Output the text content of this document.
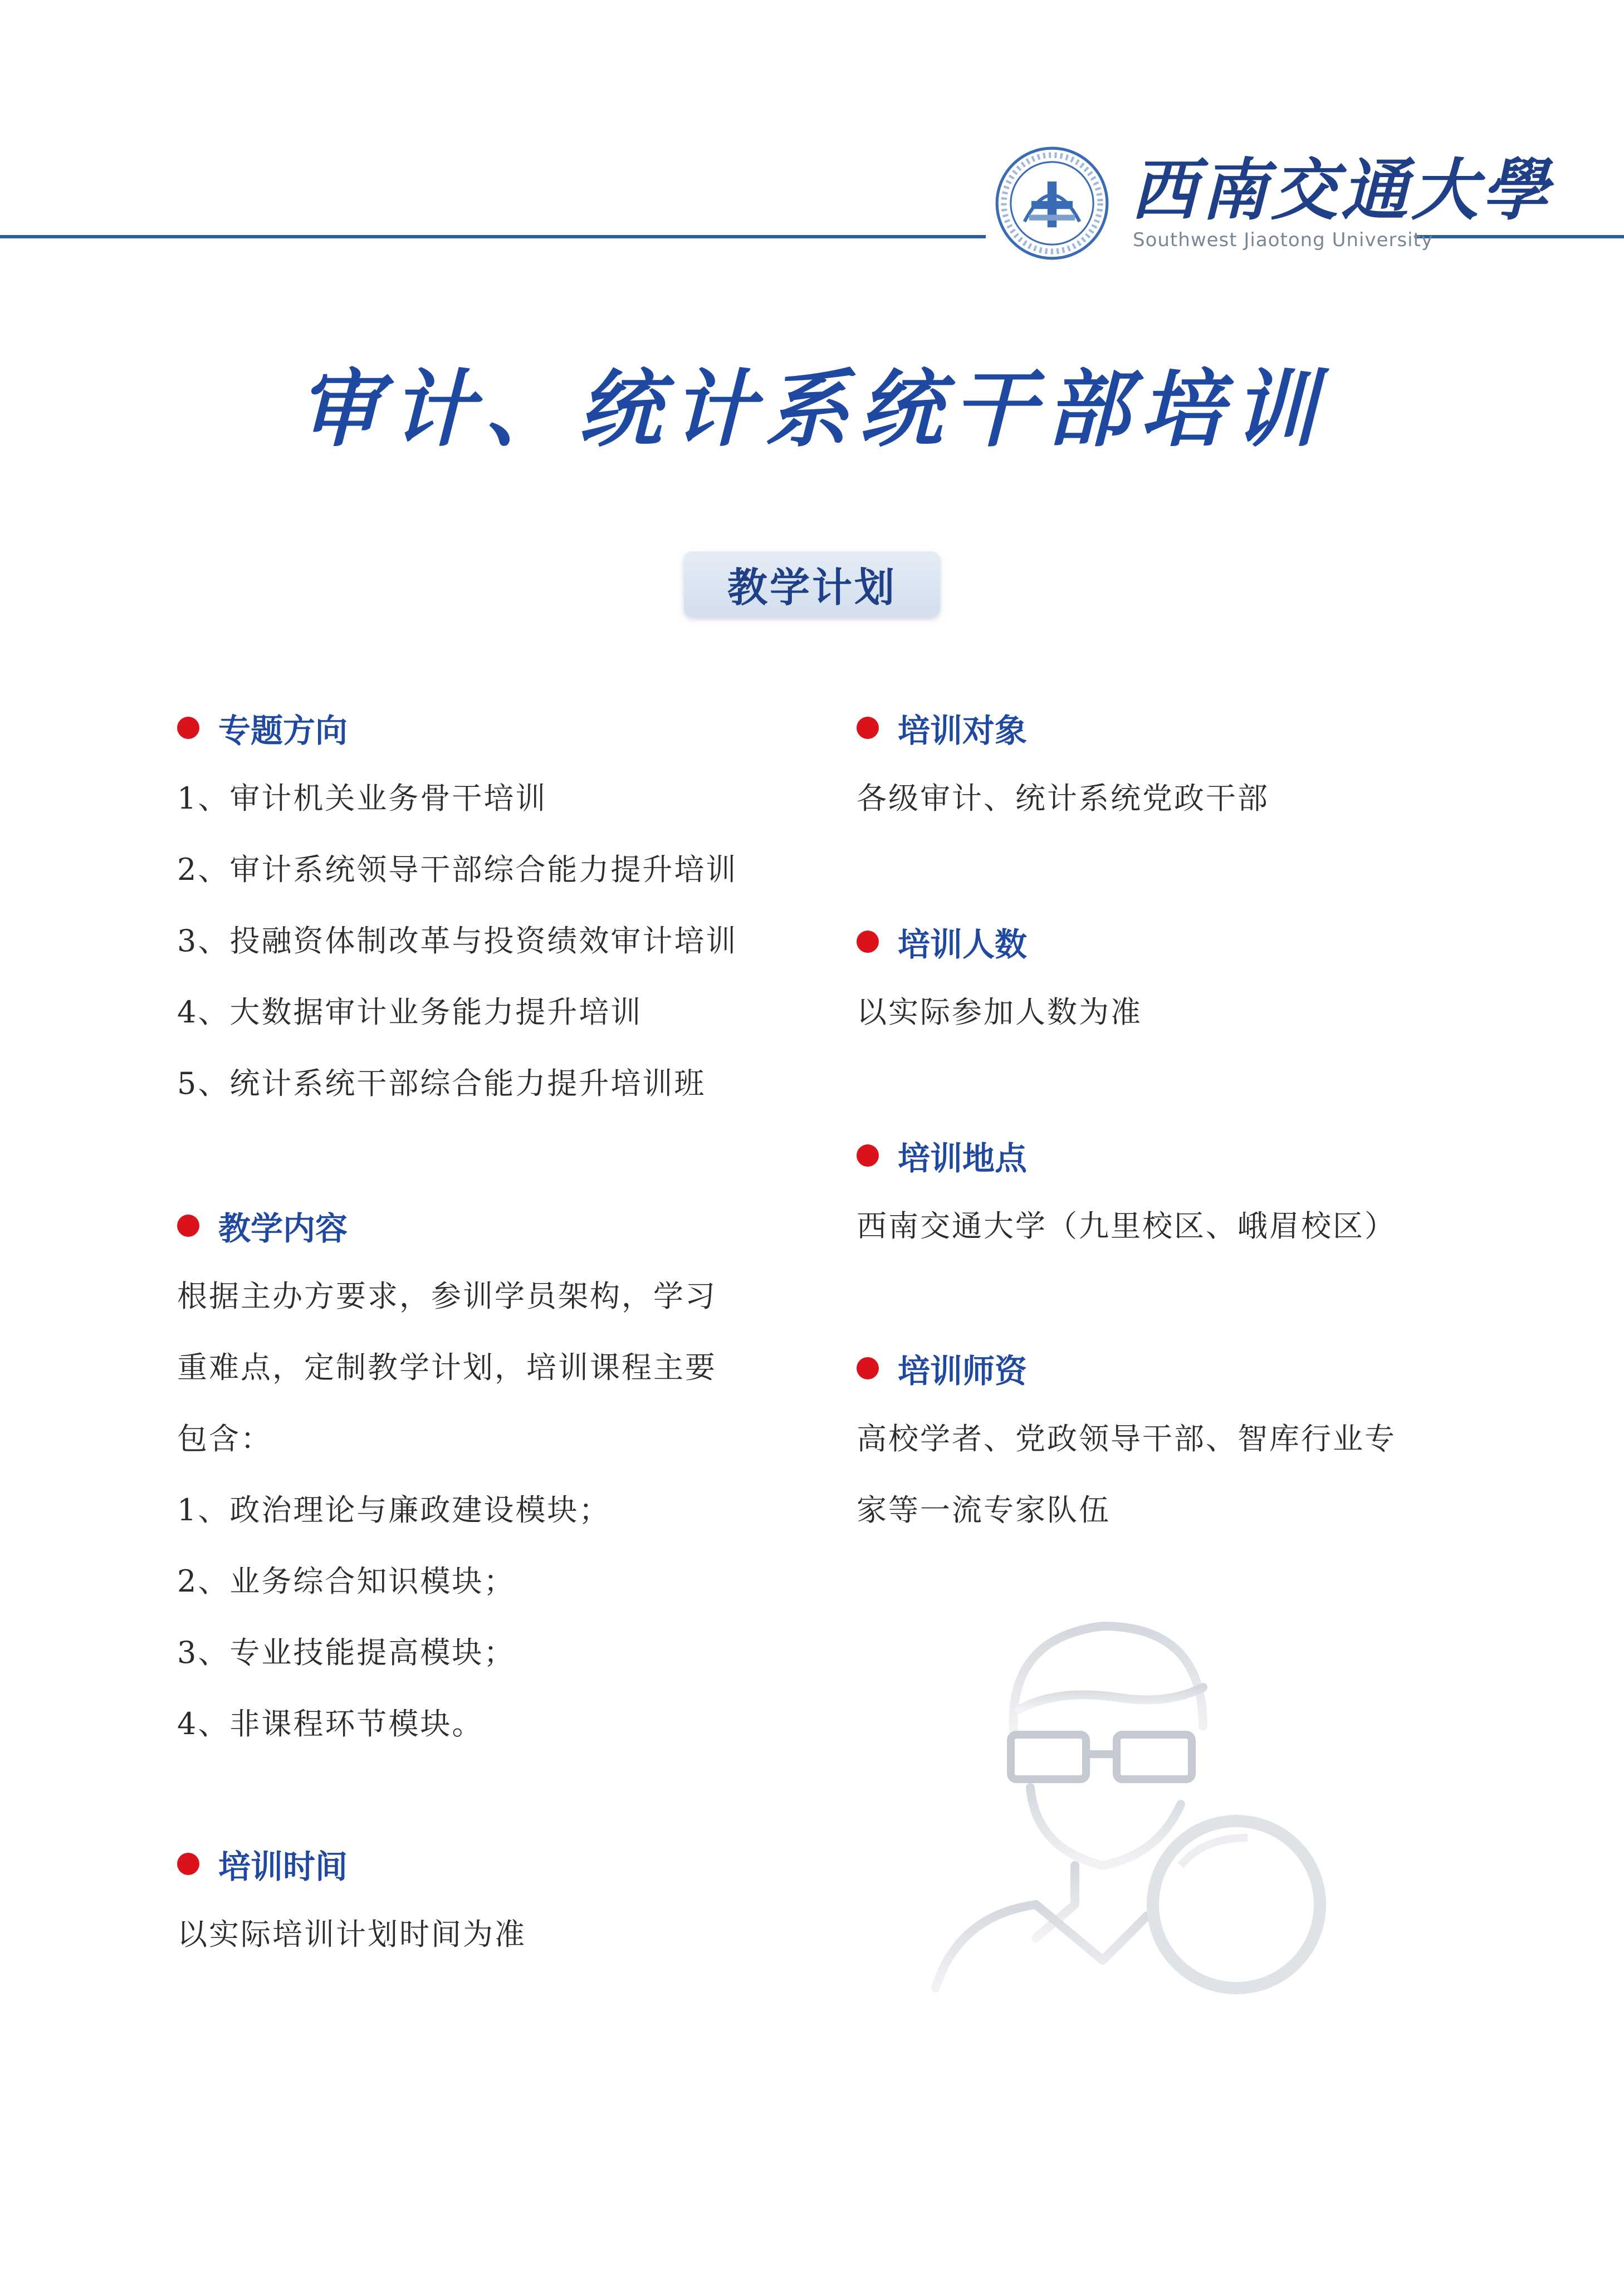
西南交通大學
Southwest Jiaotong University
审计、统计系统干部培训
教学计划
专题方向
1、审计机关业务骨干培训
2、审计系统领导干部综合能力提升培训
3、投融资体制改革与投资绩效审计培训
4、大数据审计业务能力提升培训
5、统计系统干部综合能力提升培训班
教学内容
根据主办方要求，参训学员架构，学习
重难点，定制教学计划，培训课程主要
包含：
1、政治理论与廉政建设模块；
2、业务综合知识模块；
3、专业技能提高模块；
4、非课程环节模块。
培训时间
以实际培训计划时间为准
培训对象
各级审计、统计系统党政干部
培训人数
以实际参加人数为准
培训地点
西南交通大学（九里校区、峨眉校区）
培训师资
高校学者、党政领导干部、智库行业专
家等一流专家队伍
